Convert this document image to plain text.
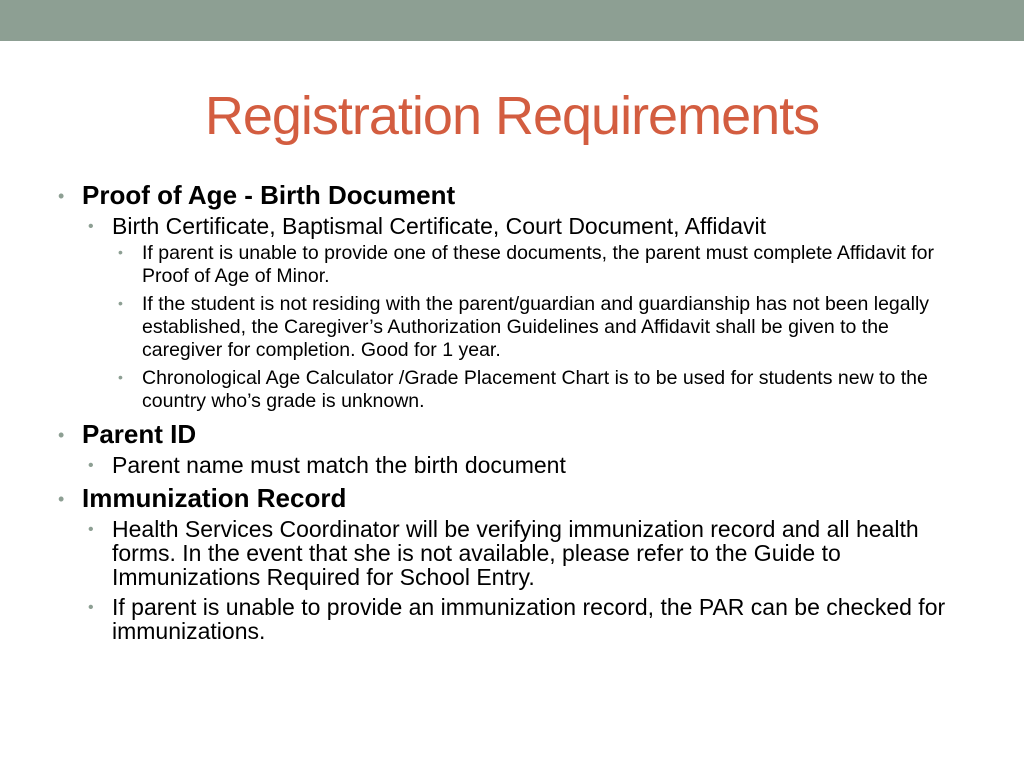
Registration Requirements
• Proof of Age - Birth Document
• Birth Certificate, Baptismal Certificate, Court Document, Affidavit
• If parent is unable to provide one of these documents, the parent must complete Affidavit for Proof of Age of Minor.
• If the student is not residing with the parent/guardian and guardianship has not been legally established, the Caregiver’s Authorization Guidelines and Affidavit shall be given to the caregiver for completion. Good for 1 year.
• Chronological Age Calculator /Grade Placement Chart is to be used for students new to the country who’s grade is unknown.
• Parent ID
• Parent name must match the birth document
• Immunization Record
• Health Services Coordinator will be verifying immunization record and all health forms. In the event that she is not available, please refer to the Guide to Immunizations Required for School Entry.
• If parent is unable to provide an immunization record, the PAR can be checked for immunizations.
